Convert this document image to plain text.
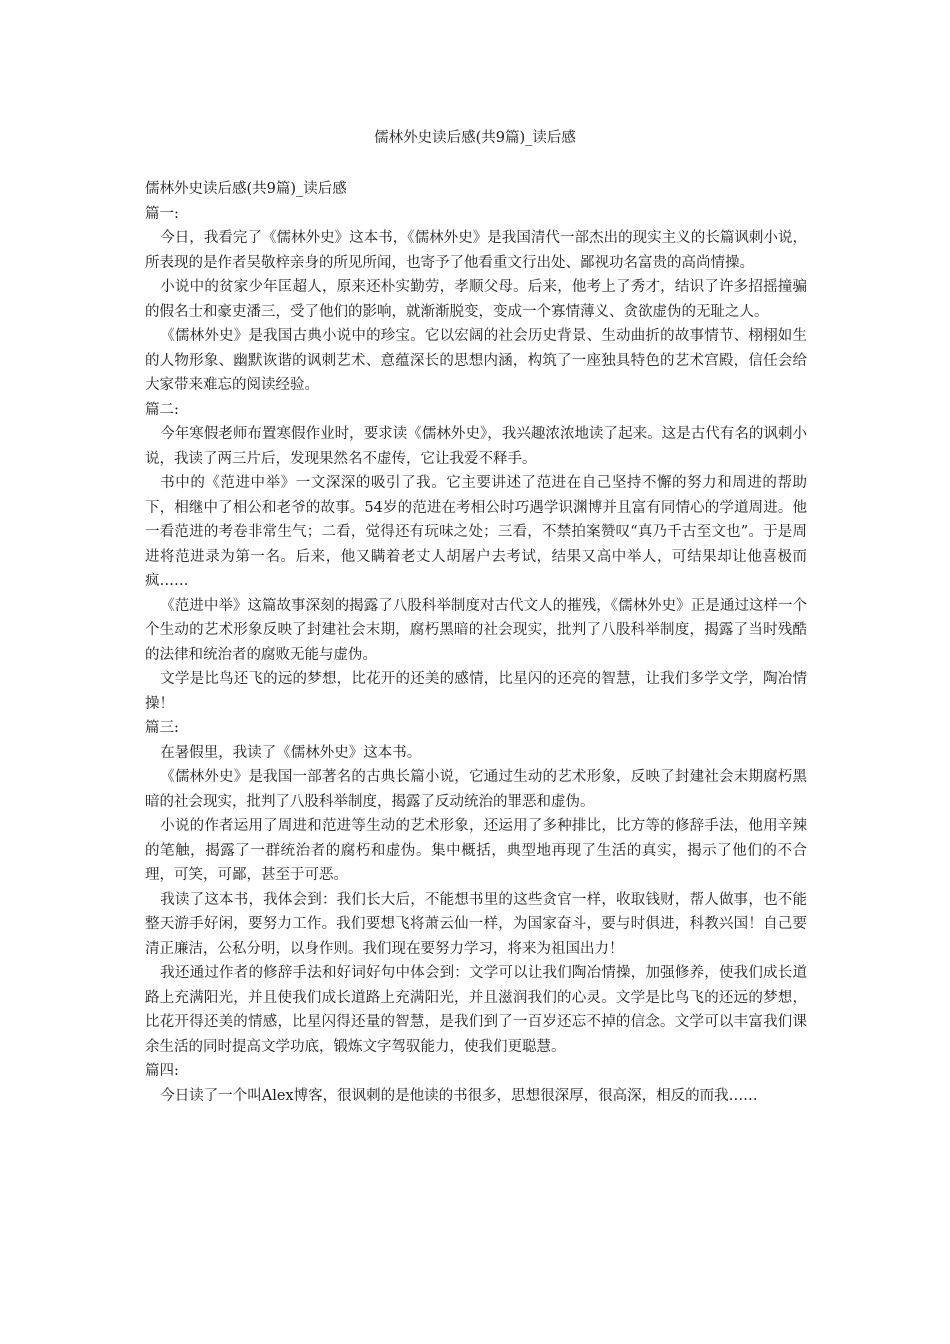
儒林外史读后感(共9篇)_读后感

儒林外史读后感(共9篇)_读后感

篇一:

今日，我看完了《儒林外史》这本书，《儒林外史》是我国清代一部杰出的现实主义的长篇讽刺小说， 所表现的是作者吴敬梓亲身的所见所闻，也寄予了他看重文行出处、鄙视功名富贵的高尚情操。

小说中的贫家少年匡超人，原来还朴实勤劳，孝顺父母。后来，他考上了秀才，结识了许多招摇撞骗的假名士和豪吏潘三，受了他们的影响，就渐渐脱变，变成一个寡情薄义、贪欲虚伪的无耻之人。

《儒林外史》是我国古典小说中的珍宝。它以宏阔的社会历史背景、生动曲折的故事情节、栩栩如生的人物形象、幽默诙谐的讽刺艺术、意蕴深长的思想内涵，构筑了一座独具特色的艺术宫殿，信任会给大家带来难忘的阅读经验。

篇二:

今年寒假老师布置寒假作业时，要求读《儒林外史》，我兴趣浓浓地读了起来。这是古代有名的讽刺小说，我读了两三片后，发现果然名不虚传，它让我爱不释手。

书中的《范进中举》一文深深的吸引了我。它主要讲述了范进在自己坚持不懈的努力和周进的帮助下，相继中了相公和老爷的故事。54岁的范进在考相公时巧遇学识渊博并且富有同情心的学道周进。他一看范进的考卷非常生气；二看，觉得还有玩味之处；三看，不禁拍案赞叹“真乃千古至文也”。于是周进将范进录为第一名。后来，他又瞒着老丈人胡屠户去考试，结果又高中举人，可结果却让他喜极而疯……

《范进中举》这篇故事深刻的揭露了八股科举制度对古代文人的摧残，《儒林外史》正是通过这样一个个生动的艺术形象反映了封建社会末期，腐朽黑暗的社会现实，批判了八股科举制度，揭露了当时残酷的法律和统治者的腐败无能与虚伪。

文学是比鸟还飞的远的梦想，比花开的还美的感情，比星闪的还亮的智慧，让我们多学文学，陶冶情操！

篇三:

在暑假里，我读了《儒林外史》这本书。

《儒林外史》是我国一部著名的古典长篇小说，它通过生动的艺术形象，反映了封建社会末期腐朽黑暗的社会现实，批判了八股科举制度，揭露了反动统治的罪恶和虚伪。

小说的作者运用了周进和范进等生动的艺术形象，还运用了多种排比，比方等的修辞手法，他用辛辣的笔触，揭露了一群统治者的腐朽和虚伪。集中概括，典型地再现了生活的真实，揭示了他们的不合理，可笑，可鄙，甚至于可恶。

我读了这本书，我体会到：我们长大后，不能想书里的这些贪官一样，收取钱财，帮人做事，也不能整天游手好闲，要努力工作。我们要想飞将萧云仙一样，为国家奋斗，要与时俱进，科教兴国！自己要清正廉洁，公私分明，以身作则。我们现在要努力学习，将来为祖国出力！

我还通过作者的修辞手法和好词好句中体会到：文学可以让我们陶冶情操，加强修养，使我们成长道路上充满阳光，并且使我们成长道路上充满阳光，并且滋润我们的心灵。文学是比鸟飞的还远的梦想，比花开得还美的情感，比星闪得还量的智慧，是我们到了一百岁还忘不掉的信念。文学可以丰富我们课余生活的同时提高文学功底，锻炼文字驾驭能力，使我们更聪慧。

篇四:

今日读了一个叫Alex博客，很讽刺的是他读的书很多，思想很深厚，很高深，相反的而我……
